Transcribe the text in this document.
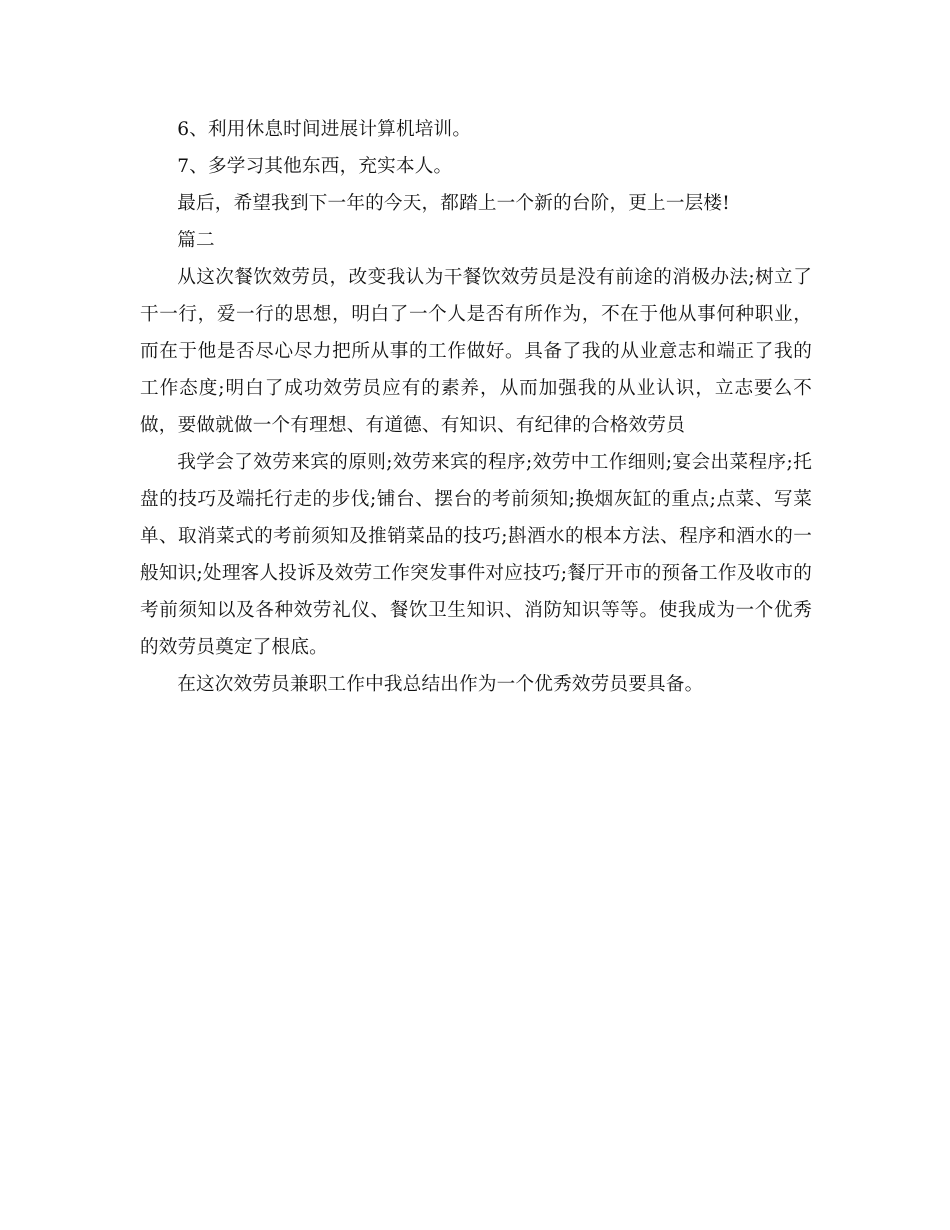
6、利用休息时间进展计算机培训。

7、多学习其他东西，充实本人。

最后，希望我到下一年的今天，都踏上一个新的台阶，更上一层楼!

篇二

从这次餐饮效劳员，改变我认为干餐饮效劳员是没有前途的消极办法;树立了干一行，爱一行的思想，明白了一个人是否有所作为，不在于他从事何种职业，而在于他是否尽心尽力把所从事的工作做好。具备了我的从业意志和端正了我的工作态度;明白了成功效劳员应有的素养，从而加强我的从业认识，立志要么不做，要做就做一个有理想、有道德、有知识、有纪律的合格效劳员

我学会了效劳来宾的原则;效劳来宾的程序;效劳中工作细则;宴会出菜程序;托盘的技巧及端托行走的步伐;铺台、摆台的考前须知;换烟灰缸的重点;点菜、写菜单、取消菜式的考前须知及推销菜品的技巧;斟酒水的根本方法、程序和酒水的一般知识;处理客人投诉及效劳工作突发事件对应技巧;餐厅开市的预备工作及收市的考前须知以及各种效劳礼仪、餐饮卫生知识、消防知识等等。使我成为一个优秀的效劳员奠定了根底。

在这次效劳员兼职工作中我总结出作为一个优秀效劳员要具备。
